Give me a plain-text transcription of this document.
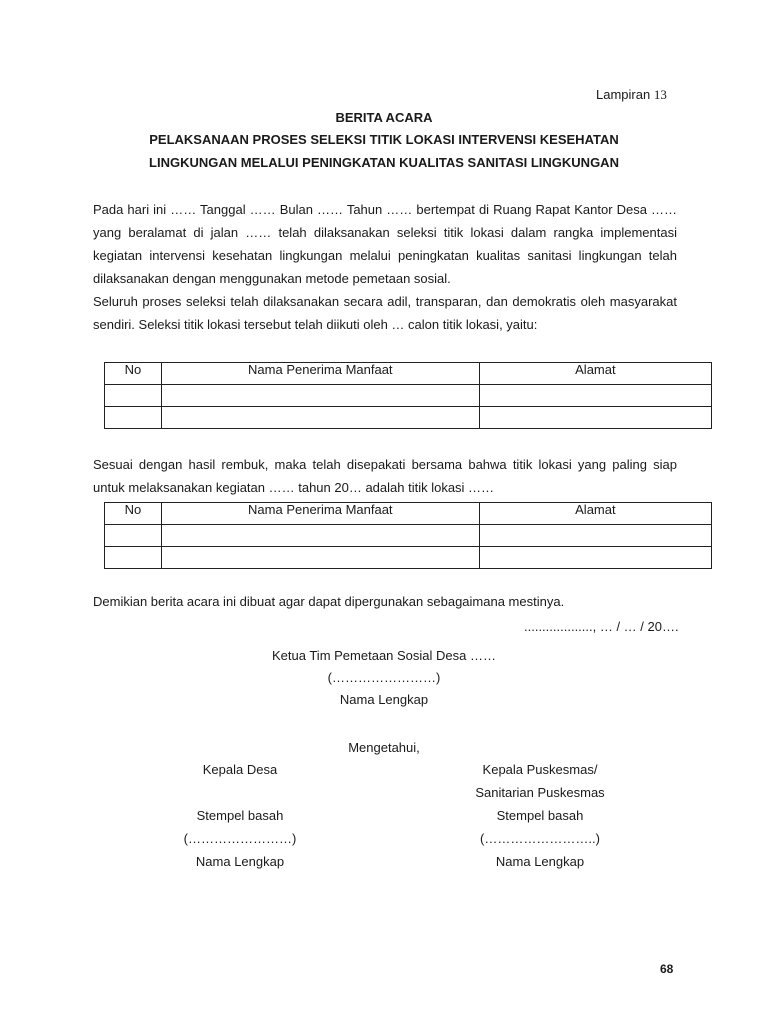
Lampiran 13
BERITA ACARA
PELAKSANAAN PROSES SELEKSI TITIK LOKASI INTERVENSI KESEHATAN
LINGKUNGAN MELALUI PENINGKATAN KUALITAS SANITASI LINGKUNGAN

Pada hari ini …… Tanggal …… Bulan …… Tahun …… bertempat di Ruang Rapat Kantor Desa …… yang beralamat di jalan …… telah dilaksanakan seleksi titik lokasi dalam rangka implementasi kegiatan intervensi kesehatan lingkungan melalui peningkatan kualitas sanitasi lingkungan telah dilaksanakan dengan menggunakan metode pemetaan sosial.

Seluruh proses seleksi telah dilaksanakan secara adil, transparan, dan demokratis oleh masyarakat sendiri. Seleksi titik lokasi tersebut telah diikuti oleh … calon titik lokasi, yaitu:

No	Nama Penerima Manfaat	Alamat

Sesuai dengan hasil rembuk, maka telah disepakati bersama bahwa titik lokasi yang paling siap untuk melaksanakan kegiatan …… tahun 20… adalah titik lokasi ……

No	Nama Penerima Manfaat	Alamat

Demikian berita acara ini dibuat agar dapat dipergunakan sebagaimana mestinya.
..................., … / … / 20….
Ketua Tim Pemetaan Sosial Desa ……
(……………………)
Nama Lengkap
Mengetahui,
Kepala Desa
Stempel basah
(……………………)
Nama Lengkap
Kepala Puskesmas/
Sanitarian Puskesmas
Stempel basah
(……………………..)
Nama Lengkap
68
